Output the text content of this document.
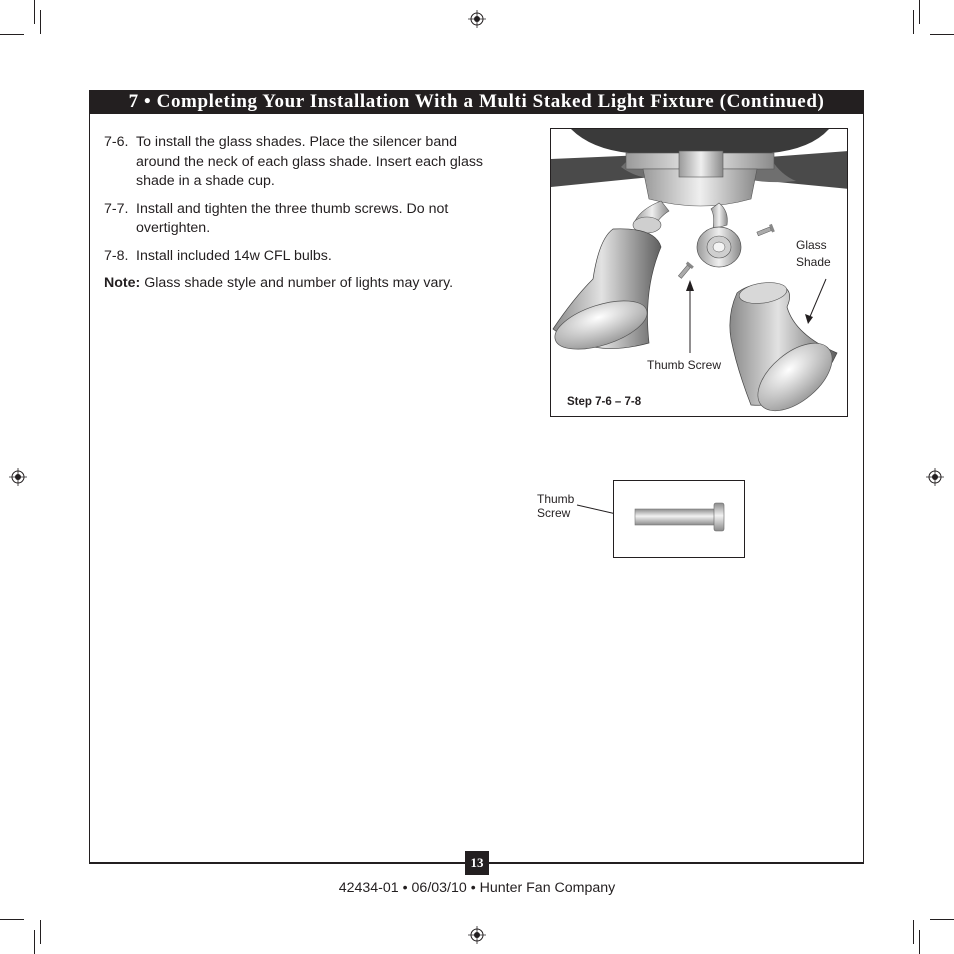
7 • Completing Your Installation With a Multi Staked Light Fixture (Continued)
7-6. To install the glass shades. Place the silencer band around the neck of each glass shade. Insert each glass shade in a shade cup.
7-7. Install and tighten the three thumb screws. Do not overtighten.
7-8. Install included 14w CFL bulbs.
Note: Glass shade style and number of lights may vary.
Glass
Shade
Thumb Screw
Step 7-6 – 7-8
Thumb
Screw
13
42434-01 • 06/03/10 • Hunter Fan Company
